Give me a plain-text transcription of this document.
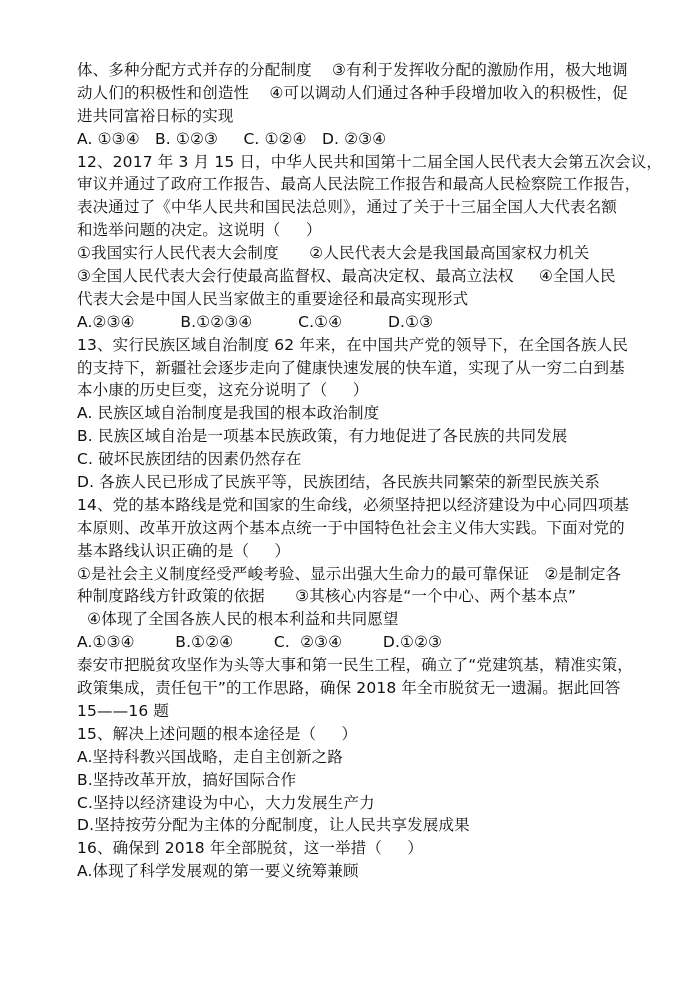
体、多种分配方式并存的分配制度    ③有利于发挥收分配的激励作用，极大地调
动人们的积极性和创造性    ④可以调动人们通过各种手段增加收入的积极性，促
进共同富裕日标的实现
A. ①③④   B. ①②③     C. ①②④   D. ②③④
12、2017 年 3 月 15 日，中华人民共和国第十二届全国人民代表大会第五次会议，
审议并通过了政府工作报告、最高人民法院工作报告和最高人民检察院工作报告，
表决通过了《中华人民共和国民法总则》，通过了关于十三届全国人大代表名额
和选举问题的决定。这说明（     ）
①我国实行人民代表大会制度      ②人民代表大会是我国最高国家权力机关
③全国人民代表大会行使最高监督权、最高决定权、最高立法权     ④全国人民
代表大会是中国人民当家做主的重要途径和最高实现形式
A.②③④         B.①②③④         C.①④         D.①③
13、实行民族区域自治制度 62 年来，在中国共产党的领导下，在全国各族人民
的支持下，新疆社会逐步走向了健康快速发展的快车道，实现了从一穷二白到基
本小康的历史巨变，这充分说明了（     ）
A. 民族区域自治制度是我国的根本政治制度
B. 民族区域自治是一项基本民族政策，有力地促进了各民族的共同发展
C. 破坏民族团结的因素仍然存在
D. 各族人民已形成了民族平等，民族团结，各民族共同繁荣的新型民族关系
14、党的基本路线是党和国家的生命线，必须坚持把以经济建设为中心同四项基
本原则、改革开放这两个基本点统一于中国特色社会主义伟大实践。下面对党的
基本路线认识正确的是（     ）
①是社会主义制度经受严峻考验、显示出强大生命力的最可靠保证   ②是制定各
种制度路线方针政策的依据      ③其核心内容是“一个中心、两个基本点”
④体现了全国各族人民的根本利益和共同愿望
A.①③④        B.①②④        C.  ②③④        D.①②③
泰安市把脱贫攻坚作为头等大事和第一民生工程，确立了“党建筑基，精准实策，
政策集成，责任包干”的工作思路，确保 2018 年全市脱贫无一遗漏。据此回答
15——16 题
15、解决上述问题的根本途径是（     ）
A.坚持科教兴国战略，走自主创新之路
B.坚持改革开放，搞好国际合作
C.坚持以经济建设为中心，大力发展生产力
D.坚持按劳分配为主体的分配制度，让人民共享发展成果
16、确保到 2018 年全部脱贫，这一举措（     ）
A.体现了科学发展观的第一要义统筹兼顾
